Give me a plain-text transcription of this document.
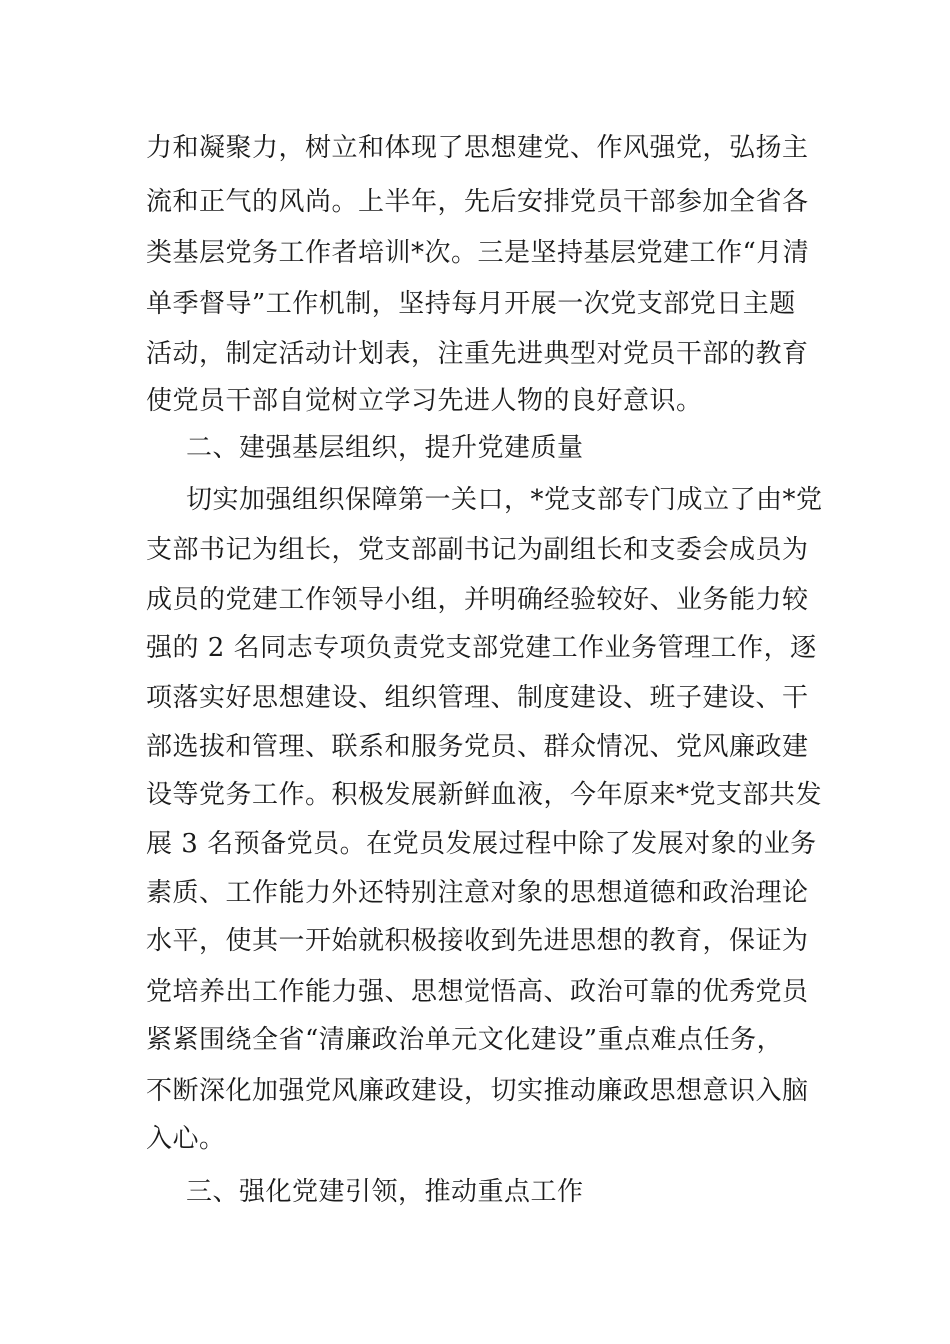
力和凝聚力，树立和体现了思想建党、作风强党，弘扬主
流和正气的风尚。上半年，先后安排党员干部参加全省各
类基层党务工作者培训*次。三是坚持基层党建工作“月清
单季督导”工作机制，坚持每月开展一次党支部党日主题
活动，制定活动计划表，注重先进典型对党员干部的教育
使党员干部自觉树立学习先进人物的良好意识。
二、建强基层组织，提升党建质量
切实加强组织保障第一关口，*党支部专门成立了由*党
支部书记为组长，党支部副书记为副组长和支委会成员为
成员的党建工作领导小组，并明确经验较好、业务能力较
强的 2 名同志专项负责党支部党建工作业务管理工作，逐
项落实好思想建设、组织管理、制度建设、班子建设、干
部选拔和管理、联系和服务党员、群众情况、党风廉政建
设等党务工作。积极发展新鲜血液，今年原来*党支部共发
展 3 名预备党员。在党员发展过程中除了发展对象的业务
素质、工作能力外还特别注意对象的思想道德和政治理论
水平，使其一开始就积极接收到先进思想的教育，保证为
党培养出工作能力强、思想觉悟高、政治可靠的优秀党员
紧紧围绕全省“清廉政治单元文化建设”重点难点任务，
不断深化加强党风廉政建设，切实推动廉政思想意识入脑
入心。
三、强化党建引领，推动重点工作
